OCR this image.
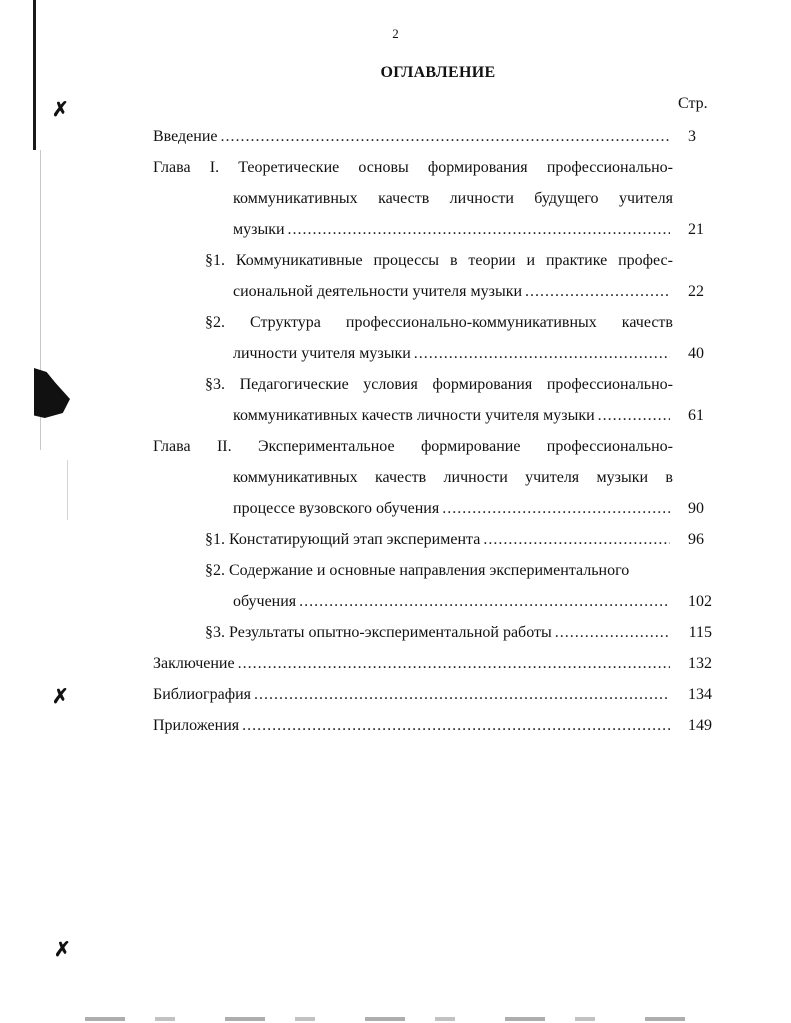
✗
✗
✗
2
ОГЛАВЛЕНИЕ
Стр.
Введение .....	3
Глава I. Теоретические основы формирования профессионально-
коммуникативных качеств личности будущего учителя
музыки .....	21
§1. Коммуникативные процессы в теории и практике профес-
сиональной деятельности учителя музыки .....	22
§2. Структура профессионально-коммуникативных качеств
личности учителя музыки .....	40
§3. Педагогические условия формирования профессионально-
коммуникативных качеств личности учителя музыки .....	61
Глава II. Экспериментальное формирование профессионально-
коммуникативных качеств личности учителя музыки в
процессе вузовского обучения .....	90
§1. Констатирующий этап эксперимента .....	96
§2. Содержание и основные направления экспериментального
обучения .....	102
§3. Результаты опытно-экспериментальной работы .....	115
Заключение .....	132
Библиография .....	134
Приложения .....	149
